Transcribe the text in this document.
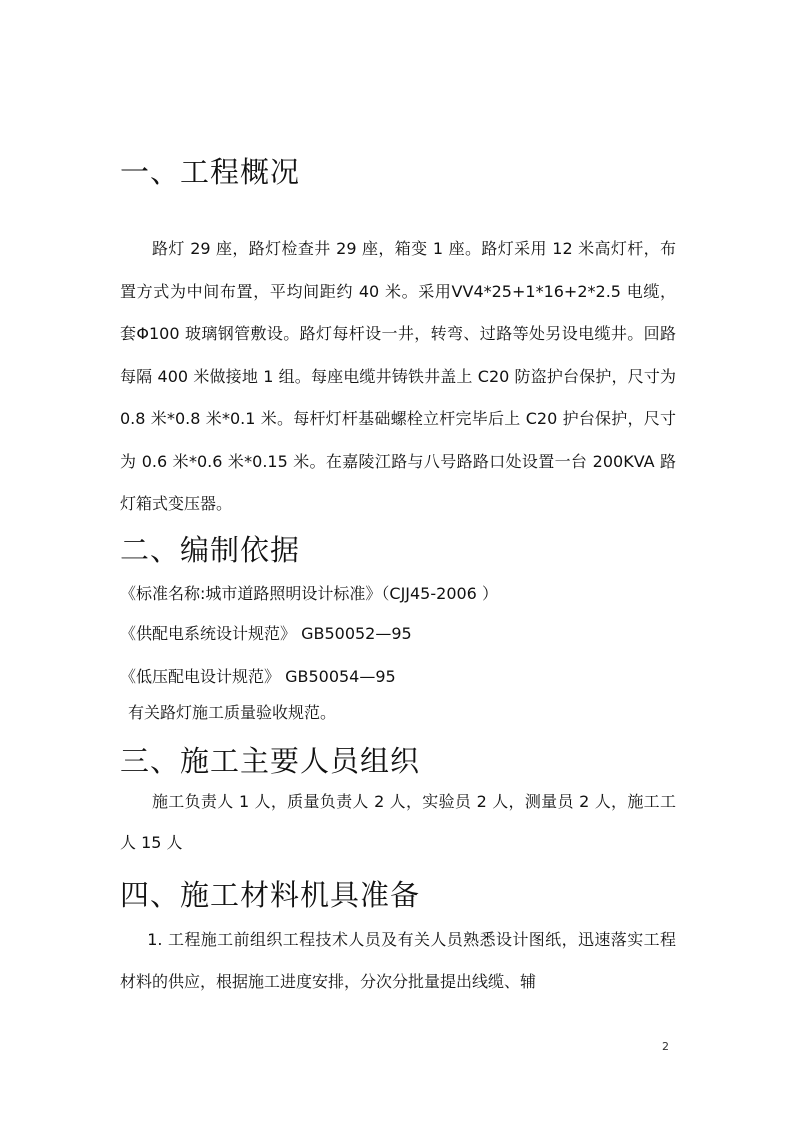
一、工程概况

路灯 29 座，路灯检查井 29 座，箱变 1 座。路灯采用 12 米高灯杆，布置方式为中间布置，平均间距约 40 米。采用VV4*25+1*16+2*2.5 电缆，套Φ100 玻璃钢管敷设。路灯每杆设一井，转弯、过路等处另设电缆井。回路每隔 400 米做接地 1 组。每座电缆井铸铁井盖上 C20 防盗护台保护，尺寸为 0.8 米*0.8 米*0.1 米。每杆灯杆基础螺栓立杆完毕后上 C20 护台保护，尺寸为 0.6 米*0.6 米*0.15 米。在嘉陵江路与八号路路口处设置一台 200KVA 路灯箱式变压器。

二、编制依据

《标准名称:城市道路照明设计标准》（CJJ45-2006 ）

《供配电系统设计规范》 GB50052—95

《低压配电设计规范》 GB50054—95

有关路灯施工质量验收规范。

三、施工主要人员组织

施工负责人 1 人，质量负责人 2 人，实验员 2 人，测量员 2 人，施工工人 15 人

四、施工材料机具准备

1. 工程施工前组织工程技术人员及有关人员熟悉设计图纸，迅速落实工程材料的供应，根据施工进度安排，分次分批量提出线缆、辅

2
